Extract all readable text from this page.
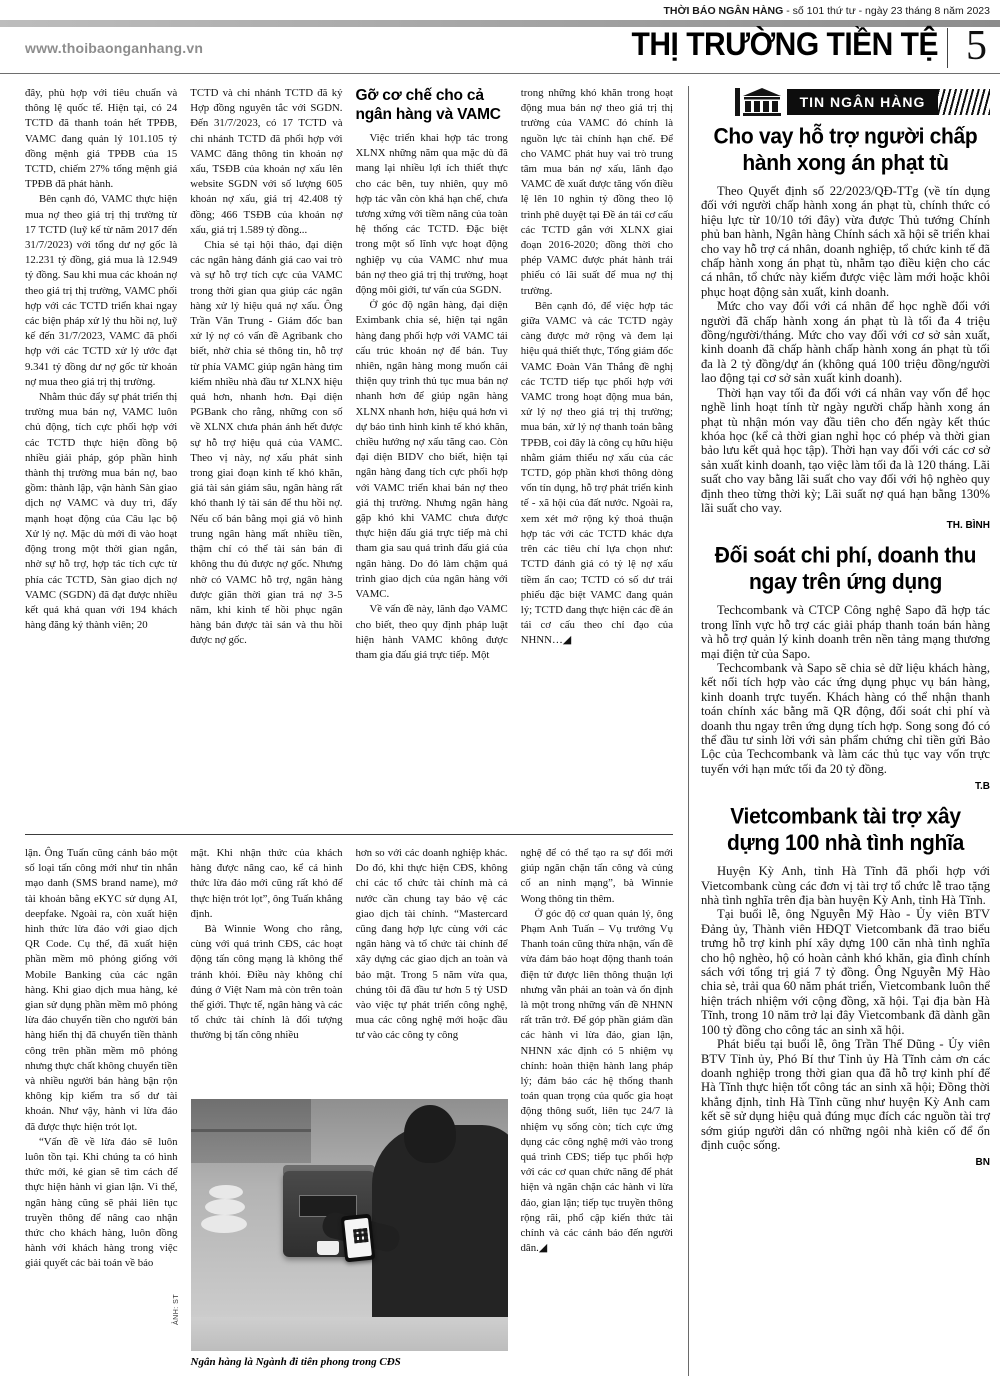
THỜI BÁO NGÂN HÀNG - số 101 thứ tư - ngày 23 tháng 8 năm 2023
www.thoibaonganhang.vn	THỊ TRƯỜNG TIỀN TỆ 5

đây, phù hợp với tiêu chuẩn và thông lệ quốc tế. Hiện tại, có 24 TCTD đã thanh toán hết TPĐB, VAMC đang quản lý 101.105 tỷ đồng mệnh giá TPĐB của 15 TCTD, chiếm 27% tổng mệnh giá TPĐB đã phát hành.

Bên cạnh đó, VAMC thực hiện mua nợ theo giá trị thị trường từ 17 TCTD (luỹ kế từ năm 2017 đến 31/7/2023) với tổng dư nợ gốc là 12.231 tỷ đồng, giá mua là 12.949 tỷ đồng. Sau khi mua các khoản nợ theo giá trị thị trường, VAMC phối hợp với các TCTD triển khai ngay các biện pháp xử lý thu hồi nợ, luỹ kế đến 31/7/2023, VAMC đã phối hợp với các TCTD xử lý ước đạt 9.341 tỷ đồng dư nợ gốc từ khoản nợ mua theo giá trị thị trường.

Nhằm thúc đẩy sự phát triển thị trường mua bán nợ, VAMC luôn chủ động, tích cực phối hợp với các TCTD thực hiện đồng bộ nhiều giải pháp, góp phần hình thành thị trường mua bán nợ, bao gồm: thành lập, vận hành Sàn giao dịch nợ VAMC và duy trì, đẩy mạnh hoạt động của Câu lạc bộ Xử lý nợ. Mặc dù mới đi vào hoạt động trong một thời gian ngắn, nhờ sự hỗ trợ, hợp tác tích cực từ phía các TCTD, Sàn giao dịch nợ VAMC (SGDN) đã đạt được nhiều kết quả khả quan với 194 khách hàng đăng ký thành viên; 20

TCTD và chi nhánh TCTD đã ký Hợp đồng nguyên tắc với SGDN. Đến 31/7/2023, có 17 TCTD và chi nhánh TCTD đã phối hợp với VAMC đăng thông tin khoản nợ xấu, TSĐB của khoản nợ xấu lên website SGDN với số lượng 605 khoản nợ xấu, giá trị 42.408 tỷ đồng; 466 TSĐB của khoản nợ xấu, giá trị 1.589 tỷ đồng...

Chia sẻ tại hội thảo, đại diện các ngân hàng đánh giá cao vai trò và sự hỗ trợ tích cực của VAMC trong thời gian qua giúp các ngân hàng xử lý hiệu quả nợ xấu. Ông Trần Văn Trung - Giám đốc ban xử lý nợ có vấn đề Agribank cho biết, nhờ chia sẻ thông tin, hỗ trợ từ phía VAMC giúp ngân hàng tìm kiếm nhiều nhà đầu tư XLNX hiệu quả hơn, nhanh hơn. Đại diện PGBank cho rằng, những con số về XLNX chưa phản ánh hết được sự hỗ trợ hiệu quả của VAMC. Theo vị này, nợ xấu phát sinh trong giai đoạn kinh tế khó khăn, giá tài sản giảm sâu, ngân hàng rất khó thanh lý tài sản để thu hồi nợ. Nếu cố bán bằng mọi giá vô hình trung ngân hàng mất nhiều tiền, thậm chí có thể tài sản bán đi không thu đủ được nợ gốc. Nhưng nhờ có VAMC hỗ trợ, ngân hàng được giãn thời gian trả nợ 3-5 năm, khi kinh tế hồi phục ngân hàng bán được tài sản và thu hồi được nợ gốc.

Gỡ cơ chế cho cả ngân hàng và VAMC

Việc triển khai hợp tác trong XLNX những năm qua mặc dù đã mang lại nhiều lợi ích thiết thực cho các bên, tuy nhiên, quy mô hợp tác vẫn còn khá hạn chế, chưa tương xứng với tiềm năng của toàn hệ thống các TCTD. Đặc biệt trong một số lĩnh vực hoạt động nghiệp vụ của VAMC như mua bán nợ theo giá trị thị trường, hoạt động môi giới, tư vấn của SGDN.

Ở góc độ ngân hàng, đại diện Eximbank chia sẻ, hiện tại ngân hàng đang phối hợp với VAMC tái cấu trúc khoản nợ để bán. Tuy nhiên, ngân hàng mong muốn cải thiện quy trình thủ tục mua bán nợ nhanh hơn để giúp ngân hàng XLNX nhanh hơn, hiệu quả hơn vì dự báo tình hình kinh tế khó khăn, chiều hướng nợ xấu tăng cao. Còn đại diện BIDV cho biết, hiện tại ngân hàng đang tích cực phối hợp với VAMC triển khai bán nợ theo giá thị trường. Nhưng ngân hàng gặp khó khi VAMC chưa được thực hiện đấu giá trực tiếp mà chỉ tham gia sau quá trình đấu giá của ngân hàng. Do đó làm chậm quá trình giao dịch của ngân hàng với VAMC.

Về vấn đề này, lãnh đạo VAMC cho biết, theo quy định pháp luật hiện hành VAMC không được tham gia đấu giá trực tiếp. Một

trong những khó khăn trong hoạt động mua bán nợ theo giá trị thị trường của VAMC đó chính là nguồn lực tài chính hạn chế. Để cho VAMC phát huy vai trò trung tâm mua bán nợ xấu, lãnh đạo VAMC đề xuất được tăng vốn điều lệ lên 10 nghìn tỷ đồng theo lộ trình phê duyệt tại Đề án tái cơ cấu các TCTD gắn với XLNX giai đoạn 2016-2020; đồng thời cho phép VAMC được phát hành trái phiếu có lãi suất để mua nợ thị trường.

Bên cạnh đó, để việc hợp tác giữa VAMC và các TCTD ngày càng được mở rộng và đem lại hiệu quả thiết thực, Tổng giám đốc VAMC Đoàn Văn Thắng đề nghị các TCTD tiếp tục phối hợp với VAMC trong hoạt động mua bán, xử lý nợ theo giá trị thị trường; mua bán, xử lý nợ thanh toán bằng TPĐB, coi đây là công cụ hữu hiệu nhằm giảm thiểu nợ xấu của các TCTD, góp phần khơi thông dòng vốn tín dụng, hỗ trợ phát triển kinh tế - xã hội của đất nước. Ngoài ra, xem xét mở rộng ký thoả thuận hợp tác với các TCTD khác dựa trên các tiêu chí lựa chọn như: TCTD đánh giá có tỷ lệ nợ xấu tiềm ẩn cao; TCTD có số dư trái phiếu đặc biệt VAMC đang quản lý; TCTD đang thực hiện các đề án tái cơ cấu theo chỉ đạo của NHNN…◢

lận. Ông Tuấn cũng cảnh báo một số loại tấn công mới như tin nhắn mạo danh (SMS brand name), mở tài khoản bằng eKYC sử dụng AI, deepfake. Ngoài ra, còn xuất hiện hình thức lừa đảo với giao dịch QR Code. Cụ thể, đã xuất hiện phần mềm mô phỏng giống với Mobile Banking của các ngân hàng. Khi giao dịch mua hàng, kẻ gian sử dụng phần mềm mô phỏng lừa đảo chuyển tiền cho người bán hàng hiển thị đã chuyển tiền thành công trên phần mềm mô phỏng nhưng thực chất không chuyển tiền và nhiều người bán hàng bận rộn không kịp kiểm tra số dư tài khoản. Như vậy, hành vi lừa đảo đã được thực hiện trót lọt.

“Vấn đề về lừa đảo sẽ luôn luôn tồn tại. Khi chúng ta có hình thức mới, kẻ gian sẽ tìm cách để thực hiện hành vi gian lận. Vì thế, ngân hàng cũng sẽ phải liên tục truyền thông để nâng cao nhận thức cho khách hàng, luôn đồng hành với khách hàng trong việc giải quyết các bài toán về bảo

mật. Khi nhận thức của khách hàng được nâng cao, kể cả hình thức lừa đảo mới cũng rất khó để thực hiện trót lọt”, ông Tuấn khẳng định.

Bà Winnie Wong cho rằng, cùng với quá trình CĐS, các hoạt động tấn công mạng là không thể tránh khỏi. Điều này không chỉ đúng ở Việt Nam mà còn trên toàn thế giới. Thực tế, ngân hàng và các tổ chức tài chính là đối tượng thường bị tấn công nhiều

hơn so với các doanh nghiệp khác. Do đó, khi thực hiện CĐS, không chỉ các tổ chức tài chính mà cả nước cần chung tay bảo vệ các giao dịch tài chính. “Mastercard cũng đang hợp lực cùng với các ngân hàng và tổ chức tài chính để xây dựng các giao dịch an toàn và bảo mật. Trong 5 năm vừa qua, chúng tôi đã đầu tư hơn 5 tỷ USD vào việc tự phát triển công nghệ, mua các công nghệ mới hoặc đầu tư vào các công ty công

ẢNH: ST
Ngân hàng là Ngành đi tiên phong trong CĐS

nghệ để có thể tạo ra sự đổi mới giúp ngăn chặn tấn công và củng cố an ninh mạng”, bà Winnie Wong thông tin thêm.

Ở góc độ cơ quan quản lý, ông Phạm Anh Tuấn – Vụ trưởng Vụ Thanh toán cũng thừa nhận, vấn đề vừa đảm bảo hoạt động thanh toán điện tử được liên thông thuận lợi nhưng vẫn phải an toàn và ổn định là một trong những vấn đề NHNN rất trăn trở. Để góp phần giảm dần các hành vi lừa đảo, gian lận, NHNN xác định có 5 nhiệm vụ chính: hoàn thiện hành lang pháp lý; đảm bảo các hệ thống thanh toán quan trọng của quốc gia hoạt động thông suốt, liên tục 24/7 là nhiệm vụ sống còn; tích cực ứng dụng các công nghệ mới vào trong quá trình CĐS; tiếp tục phối hợp với các cơ quan chức năng để phát hiện và ngăn chặn các hành vi lừa đảo, gian lận; tiếp tục truyền thông rộng rãi, phổ cập kiến thức tài chính và các cảnh báo đến người dân.◢

TIN NGÂN HÀNG
Cho vay hỗ trợ người chấp hành xong án phạt tù

Theo Quyết định số 22/2023/QĐ-TTg (về tín dụng đối với người chấp hành xong án phạt tù, chính thức có hiệu lực từ 10/10 tới đây) vừa được Thủ tướng Chính phủ ban hành, Ngân hàng Chính sách xã hội sẽ triển khai cho vay hỗ trợ cá nhân, doanh nghiệp, tổ chức kinh tế đã chấp hành xong án phạt tù, nhằm tạo điều kiện cho các cá nhân, tổ chức này kiếm được việc làm mới hoặc khôi phục hoạt động sản xuất, kinh doanh.

Mức cho vay đối với cá nhân để học nghề đối với người đã chấp hành xong án phạt tù là tối đa 4 triệu đồng/người/tháng. Mức cho vay đối với cơ sở sản xuất, kinh doanh đã chấp hành chấp hành xong án phạt tù tối đa là 2 tỷ đồng/dự án (không quá 100 triệu đồng/người lao động tại cơ sở sản xuất kinh doanh).

Thời hạn vay tối đa đối với cá nhân vay vốn để học nghề linh hoạt tính từ ngày người chấp hành xong án phạt tù nhận món vay đầu tiên cho đến ngày kết thúc khóa học (kể cả thời gian nghỉ học có phép và thời gian bảo lưu kết quả học tập). Thời hạn vay đối với các cơ sở sản xuất kinh doanh, tạo việc làm tối đa là 120 tháng. Lãi suất cho vay bằng lãi suất cho vay đối với hộ nghèo quy định theo từng thời kỳ; Lãi suất nợ quá hạn bằng 130% lãi suất cho vay.

TH. BÌNH
Đối soát chi phí, doanh thu ngay trên ứng dụng

Techcombank và CTCP Công nghệ Sapo đã hợp tác trong lĩnh vực hỗ trợ các giải pháp thanh toán bán hàng và hỗ trợ quản lý kinh doanh trên nền tảng mạng thương mại điện tử của Sapo.

Techcombank và Sapo sẽ chia sẻ dữ liệu khách hàng, kết nối tích hợp vào các ứng dụng phục vụ bán hàng, kinh doanh trực tuyến. Khách hàng có thể nhận thanh toán chính xác bằng mã QR động, đối soát chi phí và doanh thu ngay trên ứng dụng tích hợp. Song song đó có thể đầu tư sinh lời với sản phẩm chứng chỉ tiền gửi Bảo Lộc của Techcombank và làm các thủ tục vay vốn trực tuyến với hạn mức tối đa 20 tỷ đồng.

T.B
Vietcombank tài trợ xây dựng 100 nhà tình nghĩa

Huyện Kỳ Anh, tỉnh Hà Tĩnh đã phối hợp với Vietcombank cùng các đơn vị tài trợ tổ chức lễ trao tặng nhà tình nghĩa trên địa bàn huyện Kỳ Anh, tỉnh Hà Tĩnh.

Tại buổi lễ, ông Nguyễn Mỹ Hào - Ủy viên BTV Đảng ủy, Thành viên HĐQT Vietcombank đã trao biểu trưng hỗ trợ kinh phí xây dựng 100 căn nhà tình nghĩa cho hộ nghèo, hộ có hoàn cảnh khó khăn, gia đình chính sách với tổng trị giá 7 tỷ đồng. Ông Nguyễn Mỹ Hào chia sẻ, trải qua 60 năm phát triển, Vietcombank luôn thể hiện trách nhiệm với cộng đồng, xã hội. Tại địa bàn Hà Tĩnh, trong 10 năm trở lại đây Vietcombank đã dành gần 100 tỷ đồng cho công tác an sinh xã hội.

Phát biểu tại buổi lễ, ông Trần Thế Dũng - Ủy viên BTV Tỉnh ủy, Phó Bí thư Tỉnh ủy Hà Tĩnh cảm ơn các doanh nghiệp trong thời gian qua đã hỗ trợ kinh phí để Hà Tĩnh thực hiện tốt công tác an sinh xã hội; Đồng thời khẳng định, tỉnh Hà Tĩnh cũng như huyện Kỳ Anh cam kết sẽ sử dụng hiệu quả đúng mục đích các nguồn tài trợ sớm giúp người dân có những ngôi nhà kiên cố để ổn định cuộc sống.

BN
